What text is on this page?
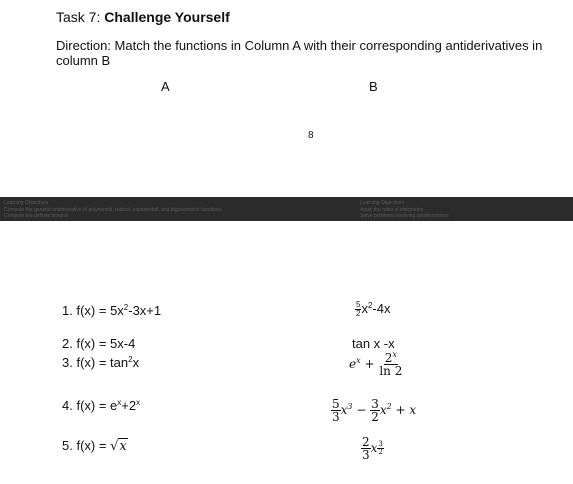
Task 7: Challenge Yourself
Direction: Match the functions in Column A with their corresponding antiderivatives in column B
A	B
8
Learning Objectives
Compute the general antiderivative of polynomial, radical, exponential, and trigonometric functions
Compute the definite integral
Learning Objectives
Apply the rules of integration
Solve problems involving antiderivatives
1. $f(x) = 5x^2-3x+1$
2. f(x) = 5x-4
3. $f(x) = \tan^2x$
4. $f(x) = e^x+2^x$
5. f(x) = √x
$\frac{5}{2} x^2-4x$
tan x -x
$e^x + \frac{2^x}{\ln 2}$
$\frac{5}{3} x^3 - \frac{3}{2} x^2 + x$
$\frac{2}{3}$ x $\frac{3}{2}$
